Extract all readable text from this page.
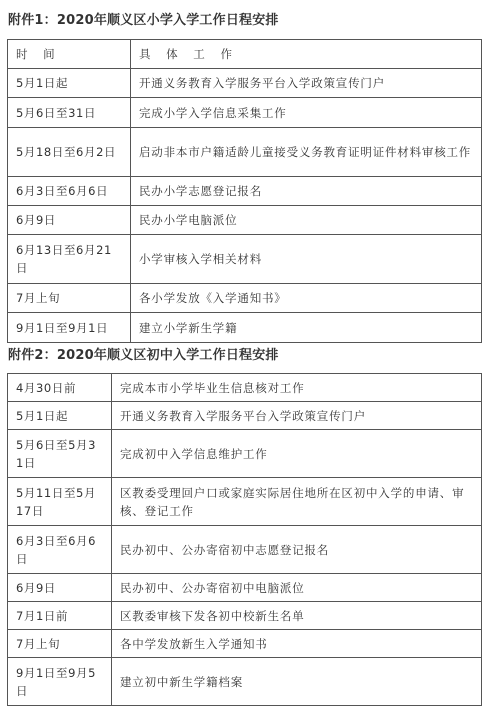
附件1：2020年顺义区小学入学工作日程安排
时 间	具 体 工 作
5月1日起	开通义务教育入学服务平台入学政策宣传门户
5月6日至31日	完成小学入学信息采集工作
5月18日至6月2日	启动非本市户籍适龄儿童接受义务教育证明证件材料审核工作
6月3日至6月6日	民办小学志愿登记报名
6月9日	民办小学电脑派位
6月13日至6月21日	小学审核入学相关材料
7月上旬	各小学发放《入学通知书》
9月1日至9月1日	建立小学新生学籍
附件2：2020年顺义区初中入学工作日程安排
4月30日前	完成本市小学毕业生信息核对工作
5月1日起	开通义务教育入学服务平台入学政策宣传门户
5月6日至5月31日	完成初中入学信息维护工作
5月11日至5月17日	区教委受理回户口或家庭实际居住地所在区初中入学的申请、审核、登记工作
6月3日至6月6日	民办初中、公办寄宿初中志愿登记报名
6月9日	民办初中、公办寄宿初中电脑派位
7月1日前	区教委审核下发各初中校新生名单
7月上旬	各中学发放新生入学通知书
9月1日至9月5日	建立初中新生学籍档案
